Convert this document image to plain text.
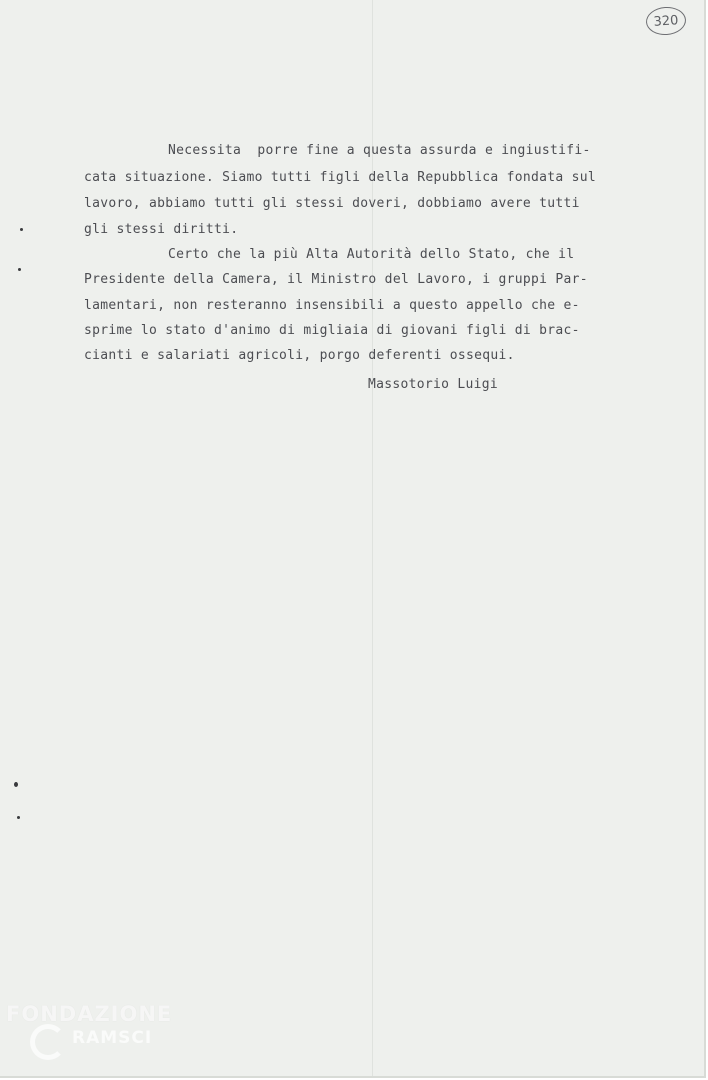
320

Necessita  porre fine a questa assurda e ingiustifi-

cata situazione. Siamo tutti figli della Repubblica fondata sul

lavoro, abbiamo tutti gli stessi doveri, dobbiamo avere tutti

gli stessi diritti.

Certo che la più Alta Autorità dello Stato, che il

Presidente della Camera, il Ministro del Lavoro, i gruppi Par-

lamentari, non resteranno insensibili a questo appello che e-

sprime lo stato d'animo di migliaia di giovani figli di brac-

cianti e salariati agricoli, porgo deferenti ossequi.

Massotorio Luigi

FONDAZIONE
RAMSCI
